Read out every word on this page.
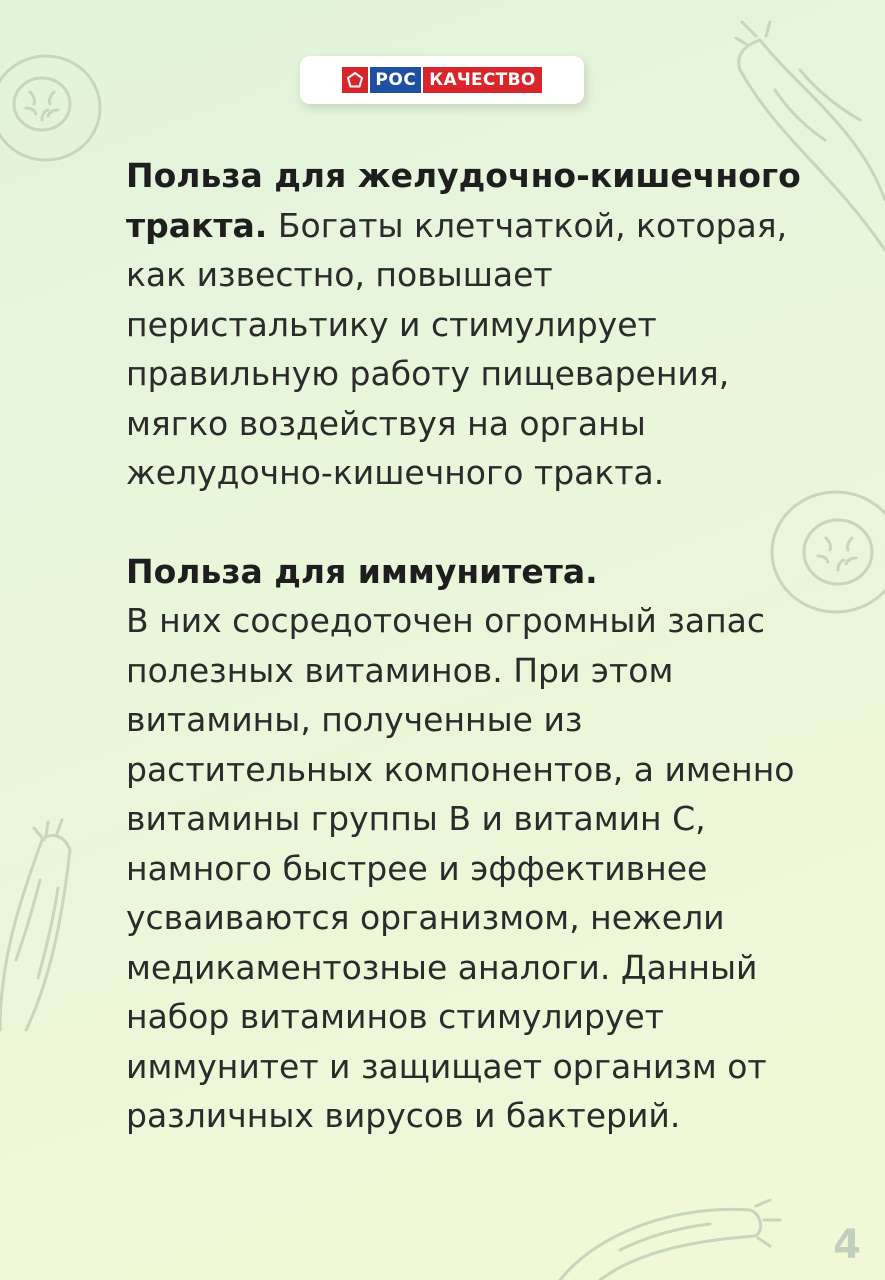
РОС КАЧЕСТВО

Польза для желудочно-кишечного тракта. Богаты клетчаткой, которая, как известно, повышает перистальтику и стимулирует правильную работу пищеварения, мягко воздействуя на органы желудочно-кишечного тракта.

Польза для иммунитета.
В них сосредоточен огромный запас полезных витаминов. При этом витамины, полученные из растительных компонентов, а именно витамины группы B и витамин С, намного быстрее и эффективнее усваиваются организмом, нежели медикаментозные аналоги. Данный набор витаминов стимулирует иммунитет и защищает организм от различных вирусов и бактерий.

4
